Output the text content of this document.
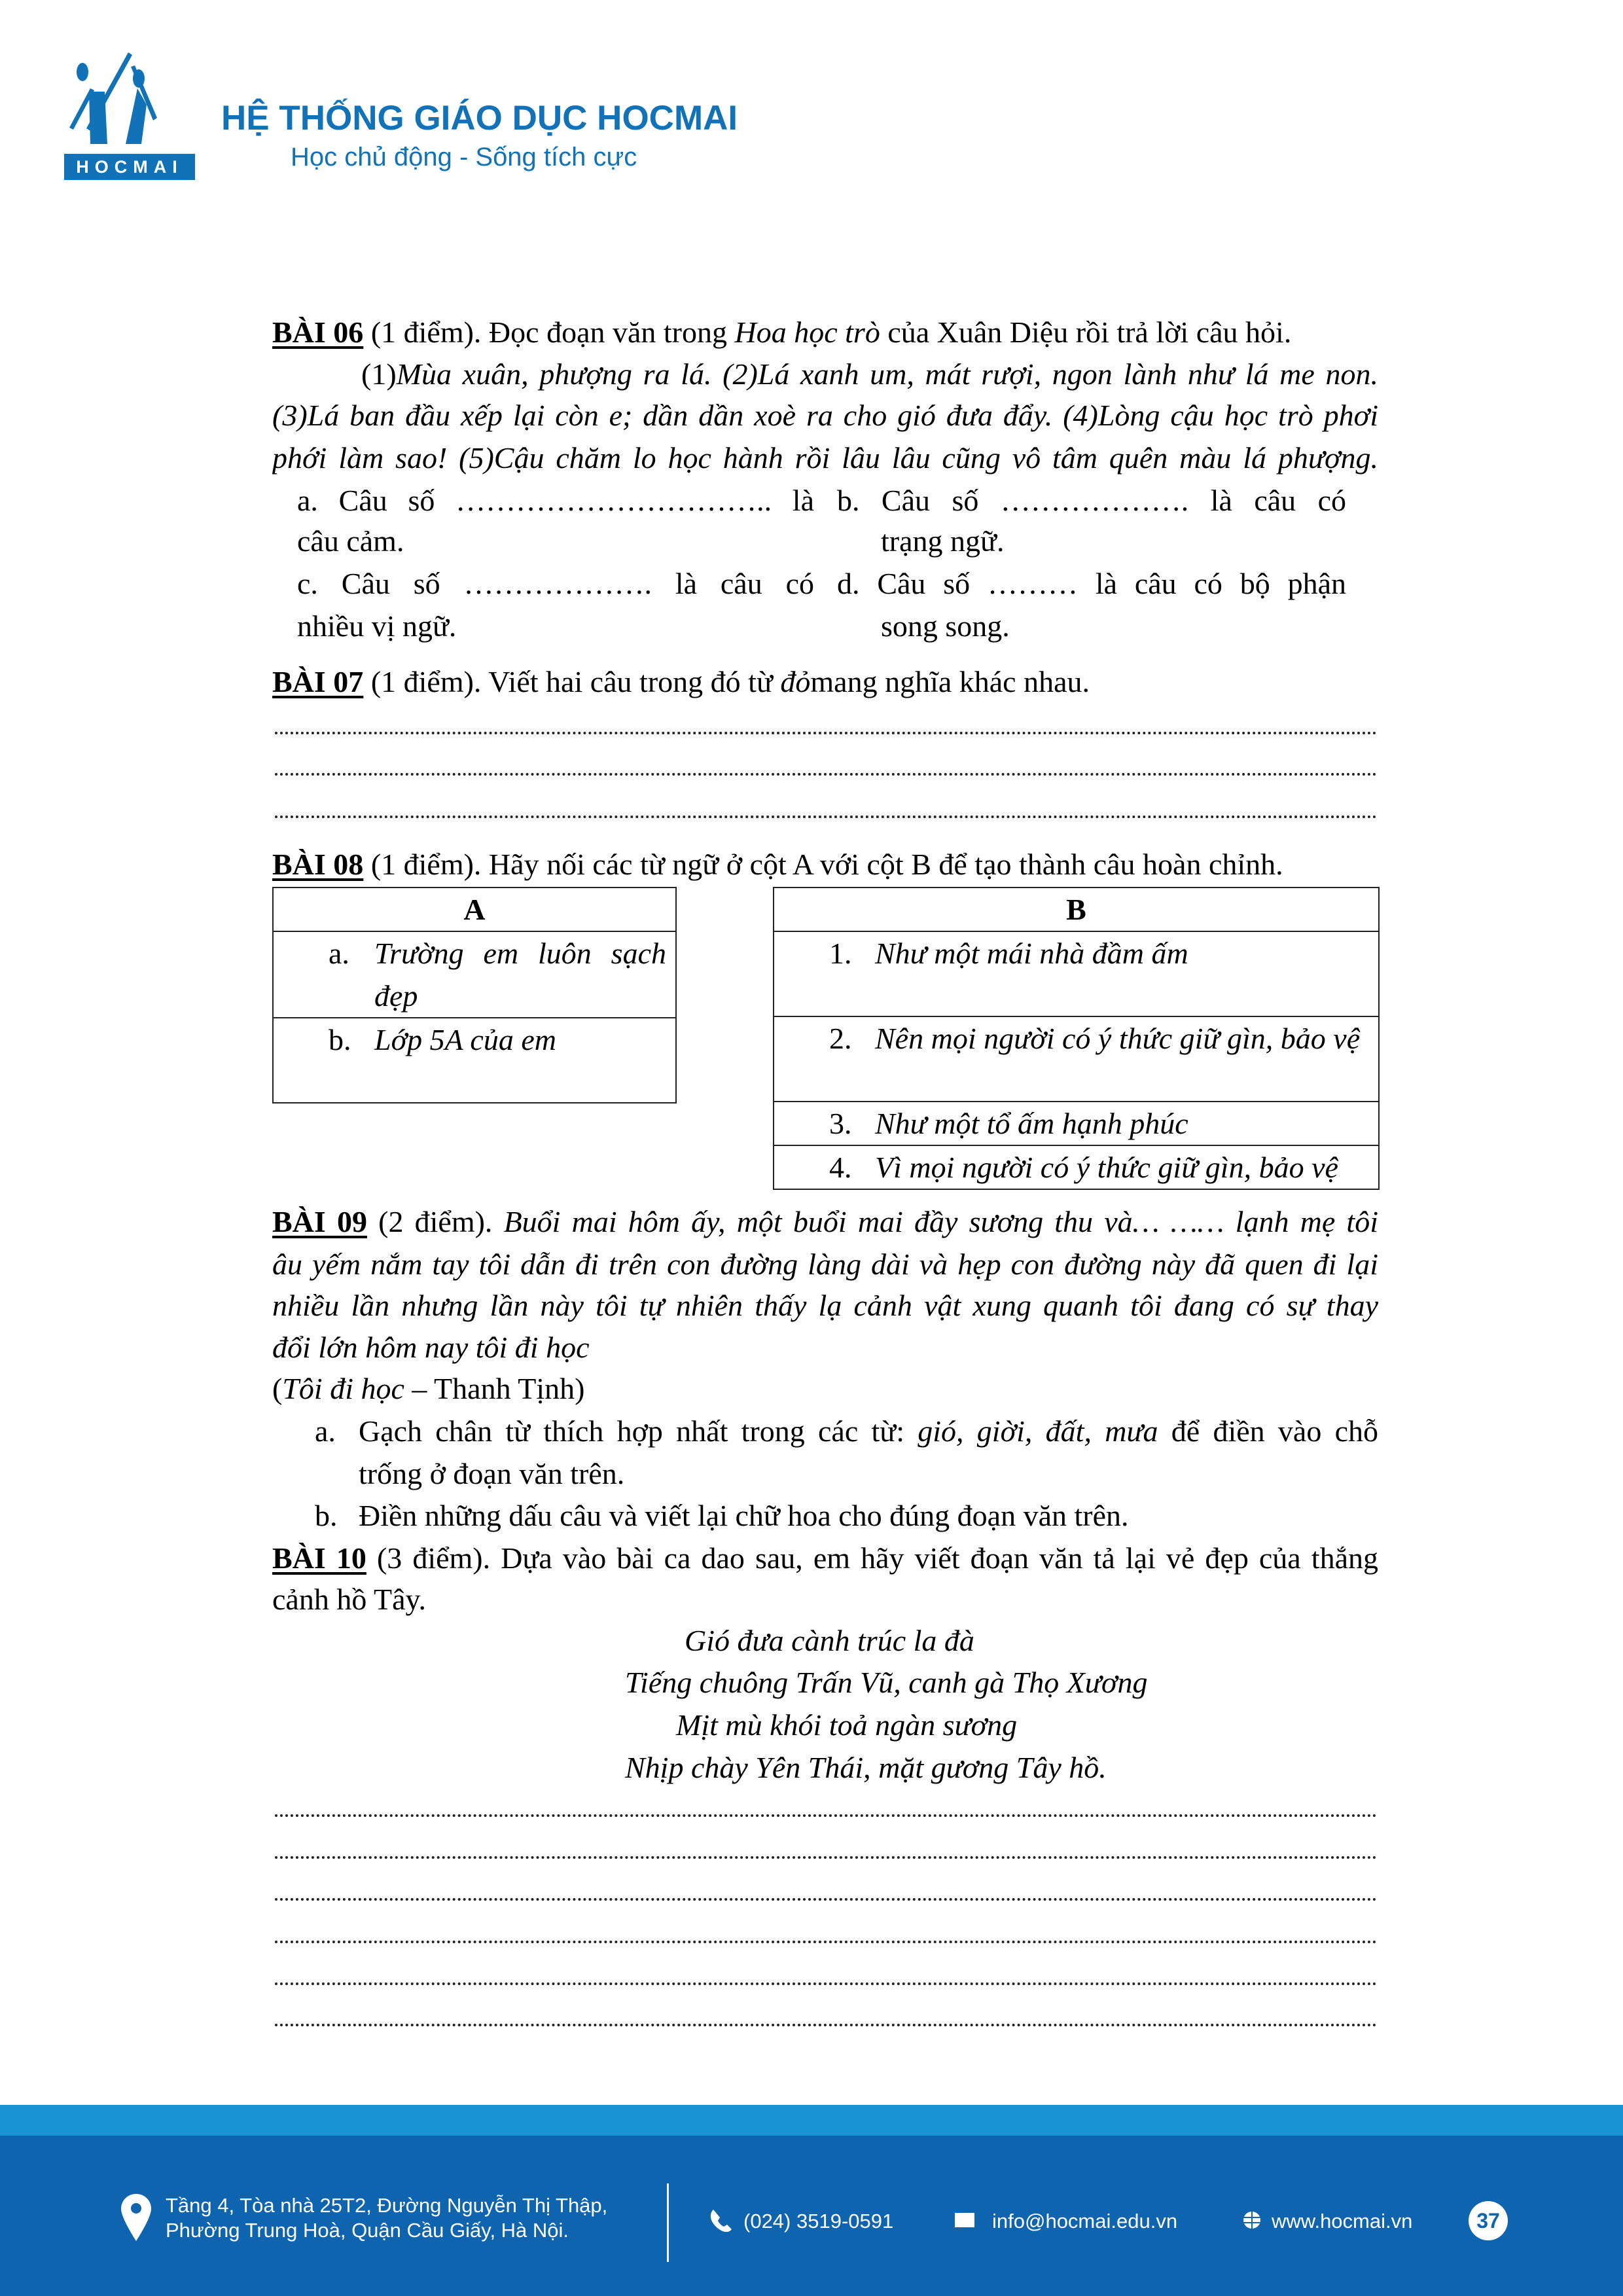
HOCMAI
HỆ THỐNG GIÁO DỤC HOCMAI
Học chủ động - Sống tích cực
BÀI 06 (1 điểm). Đọc đoạn văn trong Hoa học trò của Xuân Diệu rồi trả lời câu hỏi.
(1)Mùa xuân, phượng ra lá. (2)Lá xanh um, mát rượi, ngon lành như lá me non.
(3)Lá ban đầu xếp lại còn e; dần dần xoè ra cho gió đưa đẩy. (4)Lòng cậu học trò phơi
phới làm sao! (5)Cậu chăm lo học hành rồi lâu lâu cũng vô tâm quên màu lá phượng.
a. Câu số ………………………….. là
câu cảm.
b. Câu số ………………. là câu có
trạng ngữ.
c. Câu số ………………. là câu có
nhiều vị ngữ.
d. Câu số ……… là câu có bộ phận
song song.
BÀI 07 (1 điểm). Viết hai câu trong đó từ đỏmang nghĩa khác nhau.
BÀI 08 (1 điểm). Hãy nối các từ ngữ ở cột A với cột B để tạo thành câu hoàn chỉnh.
A

a. Trường em luôn sạch đẹp

b. Lớp 5A của em
B

1. Như một mái nhà đầm ấm

2. Nên mọi người có ý thức giữ gìn, bảo vệ

3. Như một tổ ấm hạnh phúc

4. Vì mọi người có ý thức giữ gìn, bảo vệ
BÀI 09 (2 điểm). Buổi mai hôm ấy, một buổi mai đầy sương thu và… …… lạnh mẹ tôi
âu yếm nắm tay tôi dẫn đi trên con đường làng dài và hẹp con đường này đã quen đi lại
nhiều lần nhưng lần này tôi tự nhiên thấy lạ cảnh vật xung quanh tôi đang có sự thay
đổi lớn hôm nay tôi đi học
(Tôi đi học – Thanh Tịnh)
a. Gạch chân từ thích hợp nhất trong các từ: gió, giời, đất, mưa để điền vào chỗ
trống ở đoạn văn trên.
b. Điền những dấu câu và viết lại chữ hoa cho đúng đoạn văn trên.
BÀI 10 (3 điểm). Dựa vào bài ca dao sau, em hãy viết đoạn văn tả lại vẻ đẹp của thắng
cảnh hồ Tây.
Gió đưa cành trúc la đà
Tiếng chuông Trấn Vũ, canh gà Thọ Xương
Mịt mù khói toả ngàn sương
Nhịp chày Yên Thái, mặt gương Tây hồ.
Tầng 4, Tòa nhà 25T2, Đường Nguyễn Thị Thập,
Phường Trung Hoà, Quận Cầu Giấy, Hà Nội.	(024) 3519-0591	info@hocmai.edu.vn	www.hocmai.vn	37
